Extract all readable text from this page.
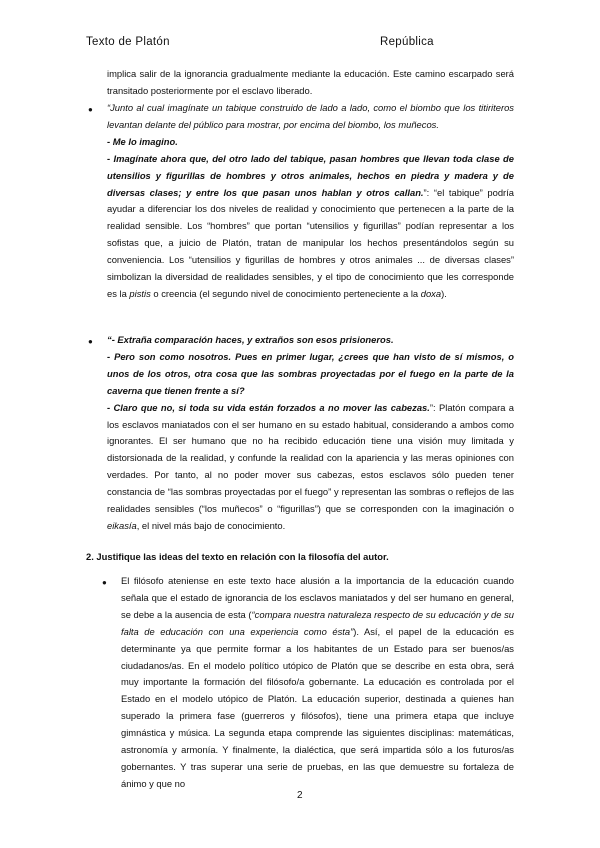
Texto de Platón	República
implica salir de la ignorancia gradualmente mediante la educación. Este camino escarpado será transitado posteriormente por el esclavo liberado.
● “Junto al cual imagínate un tabique construido de lado a lado, como el biombo que los titiriteros levantan delante del público para mostrar, por encima del biombo, los muñecos.
- Me lo imagino.
- Imagínate ahora que, del otro lado del tabique, pasan hombres que llevan toda clase de utensilios y figurillas de hombres y otros animales, hechos en piedra y madera y de diversas clases; y entre los que pasan unos hablan y otros callan.”: “el tabique” podría ayudar a diferenciar los dos niveles de realidad y conocimiento que pertenecen a la parte de la realidad sensible. Los “hombres” que portan “utensilios y figurillas” podían representar a los sofistas que, a juicio de Platón, tratan de manipular los hechos presentándolos según su conveniencia. Los “utensilios y figurillas de hombres y otros animales ... de diversas clases” simbolizan la diversidad de realidades sensibles, y el tipo de conocimiento que les corresponde es la pistis o creencia (el segundo nivel de conocimiento perteneciente a la doxa).
● “- Extraña comparación haces, y extraños son esos prisioneros.
- Pero son como nosotros. Pues en primer lugar, ¿crees que han visto de sí mismos, o unos de los otros, otra cosa que las sombras proyectadas por el fuego en la parte de la caverna que tienen frente a sí?
- Claro que no, si toda su vida están forzados a no mover las cabezas.”: Platón compara a los esclavos maniatados con el ser humano en su estado habitual, considerando a ambos como ignorantes. El ser humano que no ha recibido educación tiene una visión muy limitada y distorsionada de la realidad, y confunde la realidad con la apariencia y las meras opiniones con verdades. Por tanto, al no poder mover sus cabezas, estos esclavos sólo pueden tener constancia de “las sombras proyectadas por el fuego” y representan las sombras o reflejos de las realidades sensibles (“los muñecos” o “figurillas”) que se corresponden con la imaginación o eikasía, el nivel más bajo de conocimiento.
2. Justifique las ideas del texto en relación con la filosofía del autor.
● El filósofo ateniense en este texto hace alusión a la importancia de la educación cuando señala que el estado de ignorancia de los esclavos maniatados y del ser humano en general, se debe a la ausencia de esta (“compara nuestra naturaleza respecto de su educación y de su falta de educación con una experiencia como ésta”). Así, el papel de la educación es determinante ya que permite formar a los habitantes de un Estado para ser buenos/as ciudadanos/as. En el modelo político utópico de Platón que se describe en esta obra, será muy importante la formación del filósofo/a gobernante. La educación es controlada por el Estado en el modelo utópico de Platón. La educación superior, destinada a quienes han superado la primera fase (guerreros y filósofos), tiene una primera etapa que incluye gimnástica y música. La segunda etapa comprende las siguientes disciplinas: matemáticas, astronomía y armonía. Y finalmente, la dialéctica, que será impartida sólo a los futuros/as gobernantes. Y tras superar una serie de pruebas, en las que demuestre su fortaleza de ánimo y que no
2
